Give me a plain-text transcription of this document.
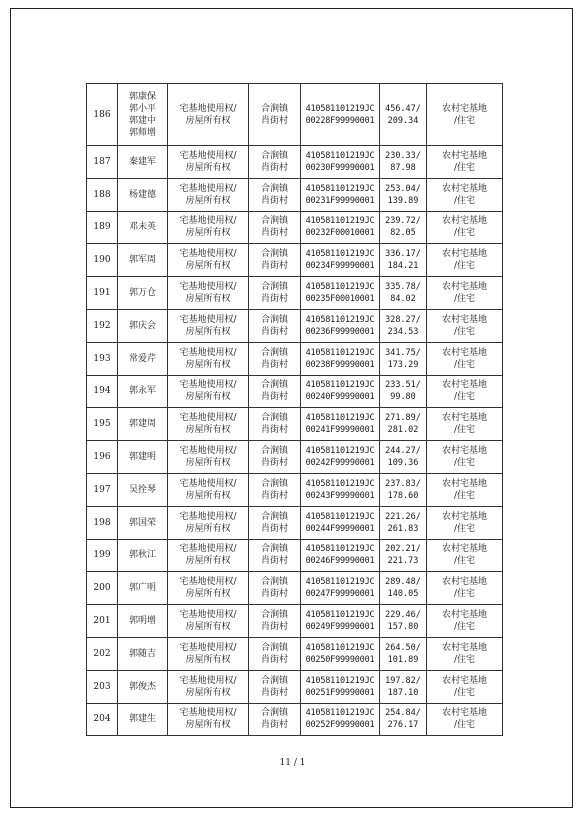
186	郭康保
郭小平
郭建中
郭师增	宅基地使用权/
房屋所有权	合涧镇
肖街村	410581101219JC
00228F99990001	456.47/
209.34	农村宅基地
/住宅

187	秦建军	宅基地使用权/
房屋所有权	合涧镇
肖街村	410581101219JC
00230F99990001	230.33/
87.98	农村宅基地
/住宅

188	杨建德	宅基地使用权/
房屋所有权	合涧镇
肖街村	410581101219JC
00231F99990001	253.04/
139.89	农村宅基地
/住宅

189	邓未英	宅基地使用权/
房屋所有权	合涧镇
肖街村	410581101219JC
00232F00010001	239.72/
82.05	农村宅基地
/住宅

190	郭军周	宅基地使用权/
房屋所有权	合涧镇
肖街村	410581101219JC
00234F99990001	336.17/
184.21	农村宅基地
/住宅

191	郭万仓	宅基地使用权/
房屋所有权	合涧镇
肖街村	410581101219JC
00235F00010001	335.78/
84.02	农村宅基地
/住宅

192	郭庆会	宅基地使用权/
房屋所有权	合涧镇
肖街村	410581101219JC
00236F99990001	328.27/
234.53	农村宅基地
/住宅

193	常爱芹	宅基地使用权/
房屋所有权	合涧镇
肖街村	410581101219JC
00238F99990001	341.75/
173.29	农村宅基地
/住宅

194	郭永军	宅基地使用权/
房屋所有权	合涧镇
肖街村	410581101219JC
00240F99990001	233.51/
99.80	农村宅基地
/住宅

195	郭建周	宅基地使用权/
房屋所有权	合涧镇
肖街村	410581101219JC
00241F99990001	271.89/
281.02	农村宅基地
/住宅

196	郭建明	宅基地使用权/
房屋所有权	合涧镇
肖街村	410581101219JC
00242F99990001	244.27/
109.36	农村宅基地
/住宅

197	吴拴琴	宅基地使用权/
房屋所有权	合涧镇
肖街村	410581101219JC
00243F99990001	237.83/
178.60	农村宅基地
/住宅

198	郭国荣	宅基地使用权/
房屋所有权	合涧镇
肖街村	410581101219JC
00244F99990001	221.26/
261.83	农村宅基地
/住宅

199	郭秋江	宅基地使用权/
房屋所有权	合涧镇
肖街村	410581101219JC
00246F99990001	202.21/
221.73	农村宅基地
/住宅

200	郭广明	宅基地使用权/
房屋所有权	合涧镇
肖街村	410581101219JC
00247F99990001	289.48/
140.05	农村宅基地
/住宅

201	郭明增	宅基地使用权/
房屋所有权	合涧镇
肖街村	410581101219JC
00249F99990001	229.46/
157.80	农村宅基地
/住宅

202	郭随吉	宅基地使用权/
房屋所有权	合涧镇
肖街村	410581101219JC
00250F99990001	264.50/
101.89	农村宅基地
/住宅

203	郭俊杰	宅基地使用权/
房屋所有权	合涧镇
肖街村	410581101219JC
00251F99990001	197.82/
187.10	农村宅基地
/住宅

204	郭建生	宅基地使用权/
房屋所有权	合涧镇
肖街村	410581101219JC
00252F99990001	254.84/
276.17	农村宅基地
/住宅
11 / 1
